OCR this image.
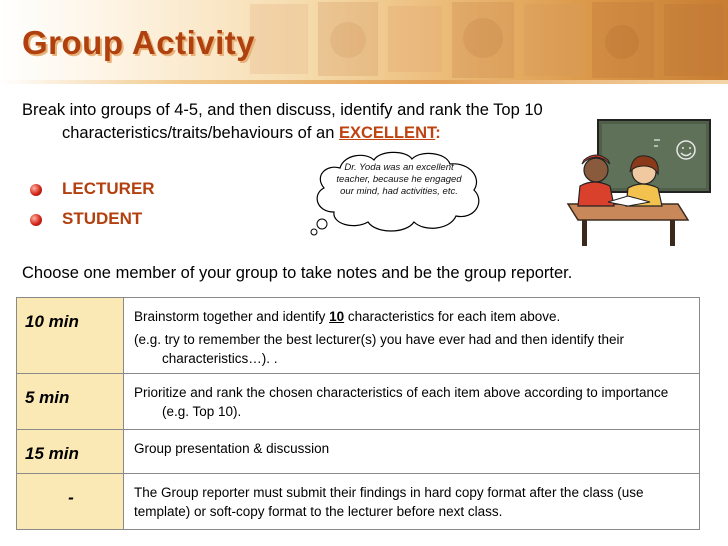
Group Activity
Break into groups of 4-5, and then discuss, identify and rank the Top 10 characteristics/traits/behaviours of an EXCELLENT:
LECTURER
STUDENT
Dr. Yoda was an excellent teacher, because he engaged our mind, had activities, etc.
Choose one member of your group to take notes and be the group reporter.
10 min	Brainstorm together and identify 10 characteristics for each item above.
(e.g. try to remember the best lecturer(s) you have ever had and then identify their characteristics…). .

5 min	Prioritize and rank the chosen characteristics of each item above according to importance (e.g. Top 10).

15 min	Group presentation & discussion

-	The Group reporter must submit their findings in hard copy format after the class (use template) or soft-copy format to the lecturer before next class.
